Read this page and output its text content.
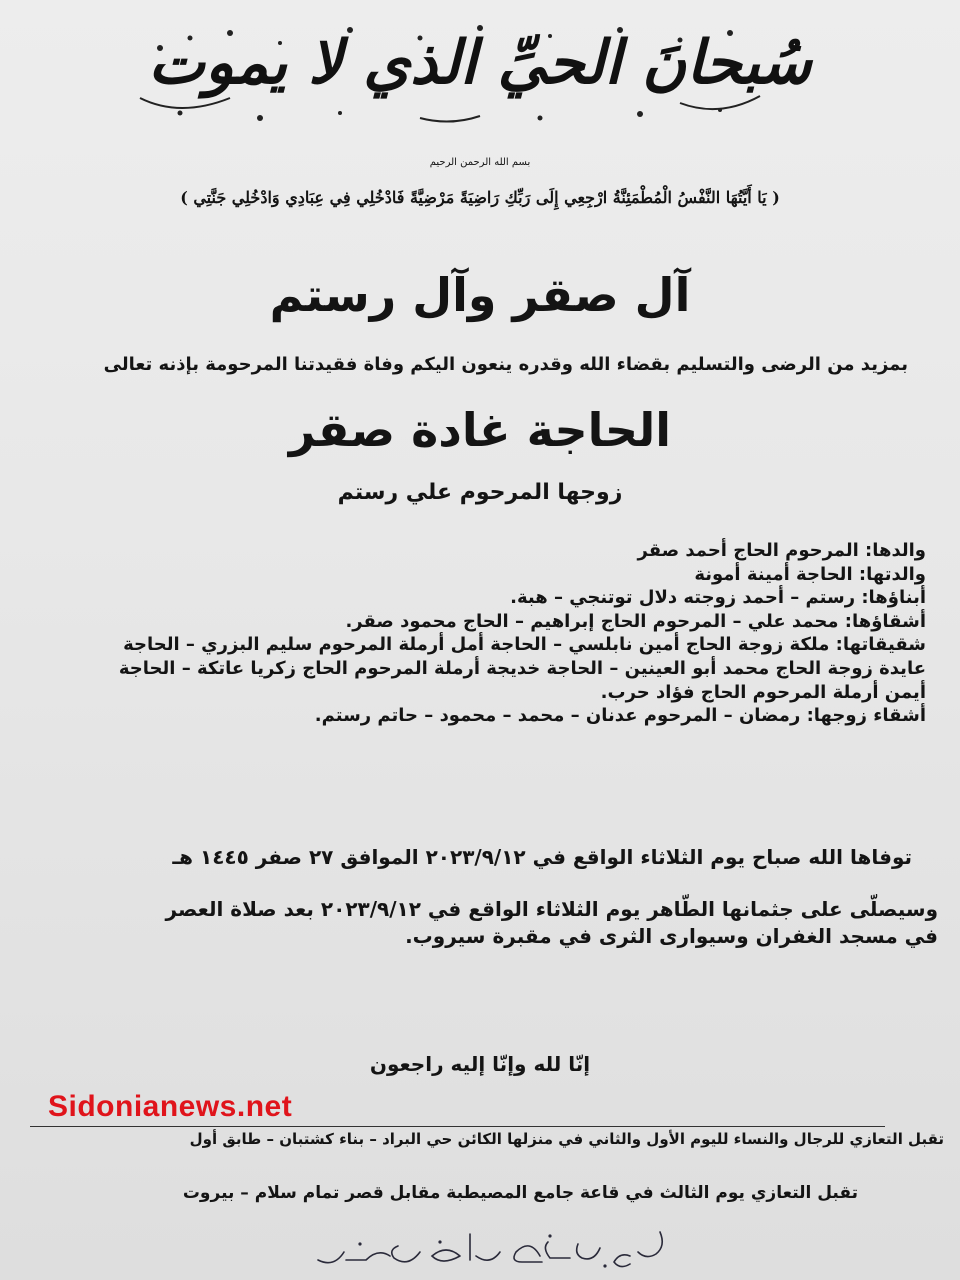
سُبحانَ الحيِّ الذي لا يموت
بسم الله الرحمن الرحيم
( يَا أَيَّتُهَا النَّفْسُ الْمُطْمَئِنَّةُ ارْجِعِي إِلَى رَبِّكِ رَاضِيَةً مَرْضِيَّةً فَادْخُلِي فِي عِبَادِي وَادْخُلِي جَنَّتِي )
آل صقر وآل رستم
بمزيد من الرضى والتسليم بقضاء الله وقدره ينعون اليكم وفاة فقيدتنا المرحومة بإذنه تعالى
الحاجة غادة صقر
زوجها المرحوم علي رستم
والدها: المرحوم الحاج أحمد صقر
والدتها: الحاجة أمينة أمونة
أبناؤها: رستم – أحمد زوجته دلال توتنجي – هبة.
أشقاؤها: محمد علي – المرحوم الحاج إبراهيم – الحاج محمود صقر.
شقيقاتها: ملكة زوجة الحاج أمين نابلسي – الحاجة أمل أرملة المرحوم سليم البزري – الحاجة
عايدة زوجة الحاج محمد أبو العينين – الحاجة خديجة أرملة المرحوم الحاج زكريا عاتكة – الحاجة
أيمن أرملة المرحوم الحاج فؤاد حرب.
أشقاء زوجها: رمضان – المرحوم عدنان – محمد – محمود – حاتم رستم.
توفاها الله صباح يوم الثلاثاء الواقع في ٢٠٢٣/٩/١٢ الموافق ٢٧ صفر ١٤٤٥ هـ
وسيصلّى على جثمانها الطّاهر يوم الثلاثاء الواقع في ٢٠٢٣/٩/١٢ بعد صلاة العصر
في مسجد الغفران وسيوارى الثرى في مقبرة سيروب.
إنّا لله وإنّا إليه راجعون
Sidonianews.net
تقبل التعازي للرجال والنساء لليوم الأول والثاني في منزلها الكائن حي البراد – بناء كشتبان – طابق أول
تقبل التعازي يوم الثالث في قاعة جامع المصيطبة مقابل قصر تمام سلام – بيروت
